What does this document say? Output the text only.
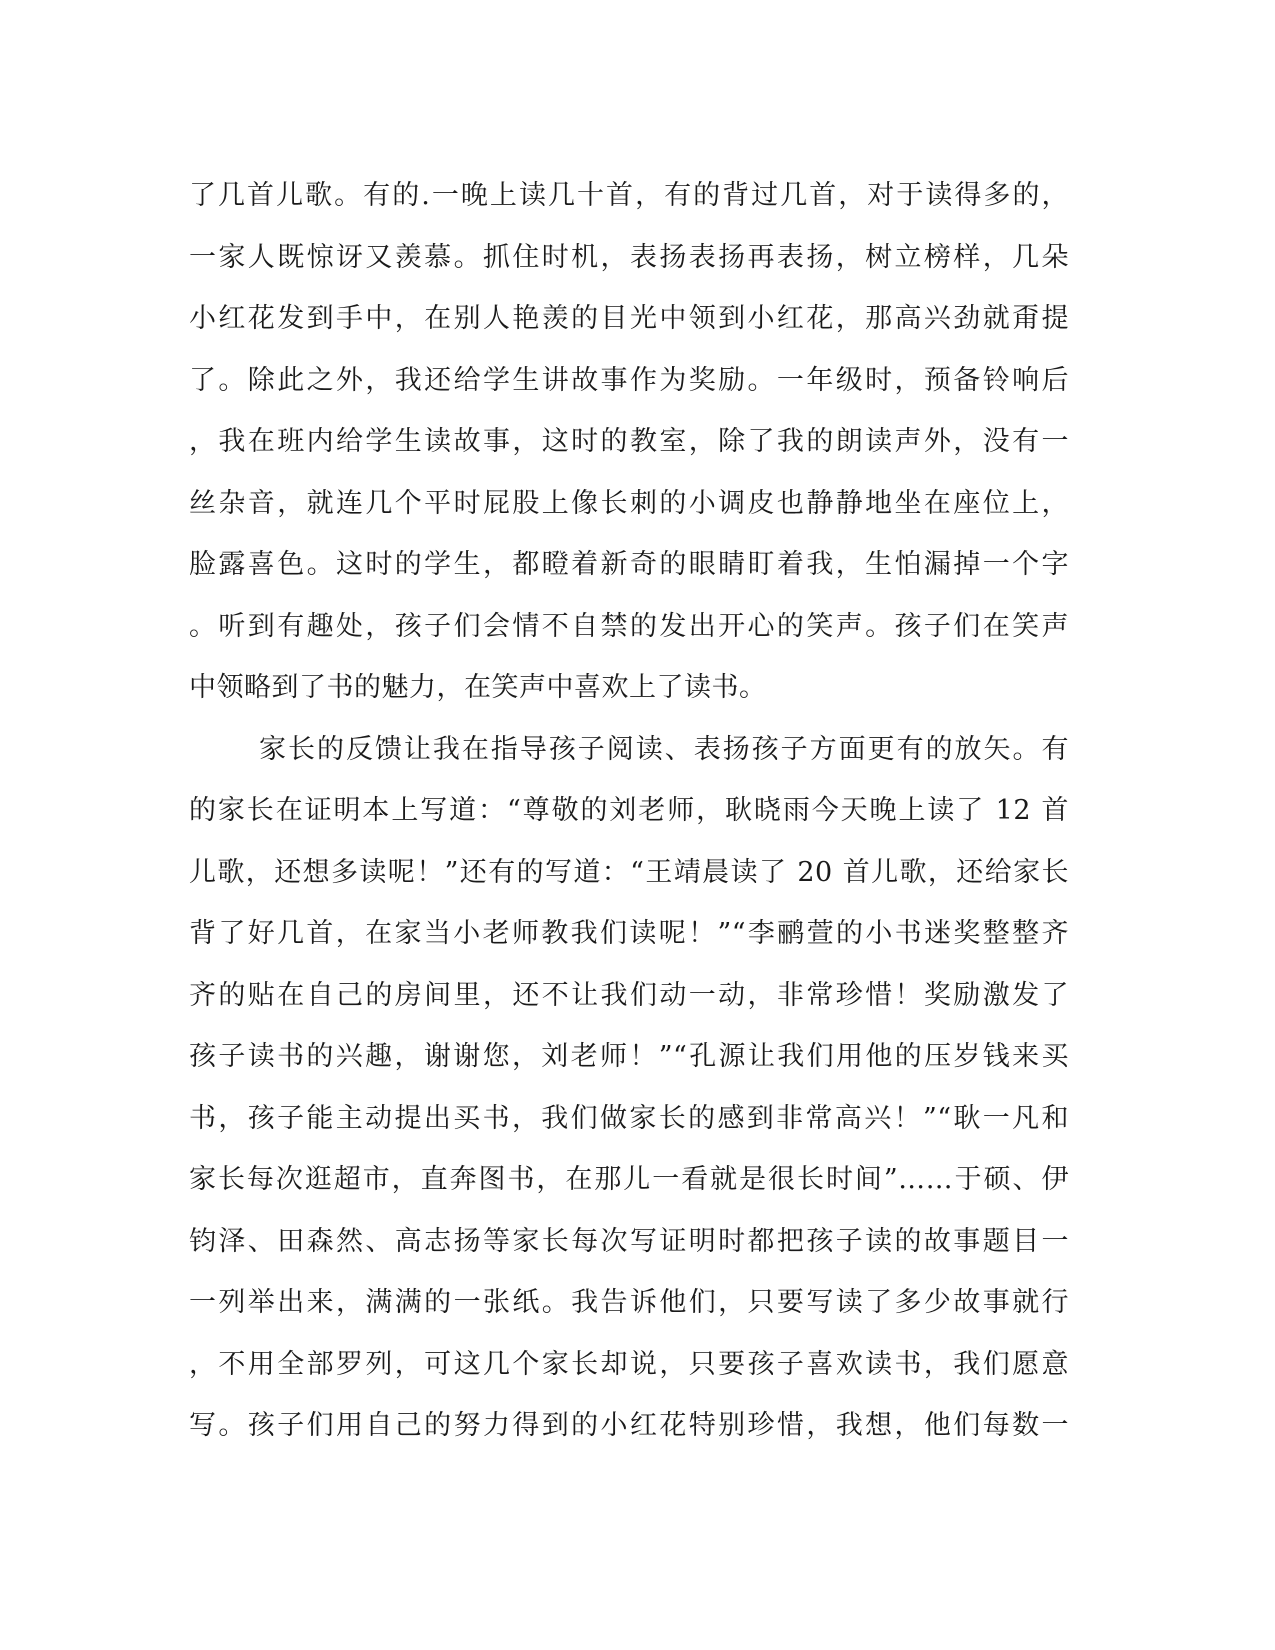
了几首儿歌。有的.一晚上读几十首，有的背过几首，对于读得多的，
一家人既惊讶又羡慕。抓住时机，表扬表扬再表扬，树立榜样，几朵
小红花发到手中，在别人艳羡的目光中领到小红花，那高兴劲就甭提
了。除此之外，我还给学生讲故事作为奖励。一年级时，预备铃响后
，我在班内给学生读故事，这时的教室，除了我的朗读声外，没有一
丝杂音，就连几个平时屁股上像长刺的小调皮也静静地坐在座位上，
脸露喜色。这时的学生，都瞪着新奇的眼睛盯着我，生怕漏掉一个字
。听到有趣处，孩子们会情不自禁的发出开心的笑声。孩子们在笑声
中领略到了书的魅力，在笑声中喜欢上了读书。
家长的反馈让我在指导孩子阅读、表扬孩子方面更有的放矢。有
的家长在证明本上写道：“尊敬的刘老师，耿晓雨今天晚上读了 12 首
儿歌，还想多读呢！”还有的写道：“王靖晨读了 20 首儿歌，还给家长
背了好几首，在家当小老师教我们读呢！”“李鹂萱的小书迷奖整整齐
齐的贴在自己的房间里，还不让我们动一动，非常珍惜！奖励激发了
孩子读书的兴趣，谢谢您，刘老师！”“孔源让我们用他的压岁钱来买
书，孩子能主动提出买书，我们做家长的感到非常高兴！”“耿一凡和
家长每次逛超市，直奔图书，在那儿一看就是很长时间”……于硕、伊
钧泽、田森然、高志扬等家长每次写证明时都把孩子读的故事题目一
一列举出来，满满的一张纸。我告诉他们，只要写读了多少故事就行
，不用全部罗列，可这几个家长却说，只要孩子喜欢读书，我们愿意
写。孩子们用自己的努力得到的小红花特别珍惜，我想，他们每数一
